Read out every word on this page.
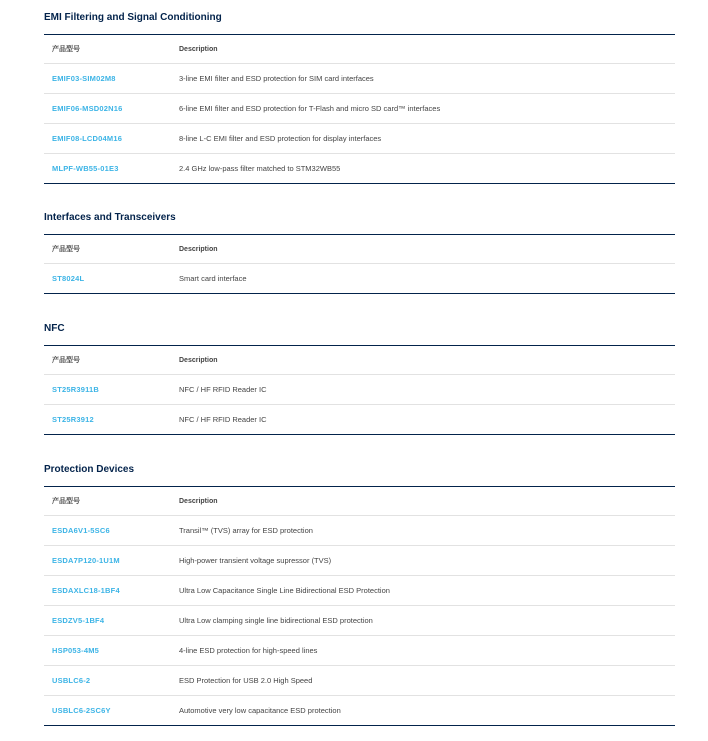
EMI Filtering and Signal Conditioning
产品型号	Description
EMIF03-SIM02M8	3-line EMI filter and ESD protection for SIM card interfaces
EMIF06-MSD02N16	6-line EMI filter and ESD protection for T-Flash and micro SD card™ interfaces
EMIF08-LCD04M16	8-line L-C EMI filter and ESD protection for display interfaces
MLPF-WB55-01E3	2.4 GHz low-pass filter matched to STM32WB55
Interfaces and Transceivers
产品型号	Description
ST8024L	Smart card interface
NFC
产品型号	Description
ST25R3911B	NFC / HF RFID Reader IC
ST25R3912	NFC / HF RFID Reader IC
Protection Devices
产品型号	Description
ESDA6V1-5SC6	Transil™ (TVS) array for ESD protection
ESDA7P120-1U1M	High-power transient voltage supressor (TVS)
ESDAXLC18-1BF4	Ultra Low Capacitance Single Line Bidirectional ESD Protection
ESDZV5-1BF4	Ultra Low clamping single line bidirectional ESD protection
HSP053-4M5	4-line ESD protection for high-speed lines
USBLC6-2	ESD Protection for USB 2.0 High Speed
USBLC6-2SC6Y	Automotive very low capacitance ESD protection
